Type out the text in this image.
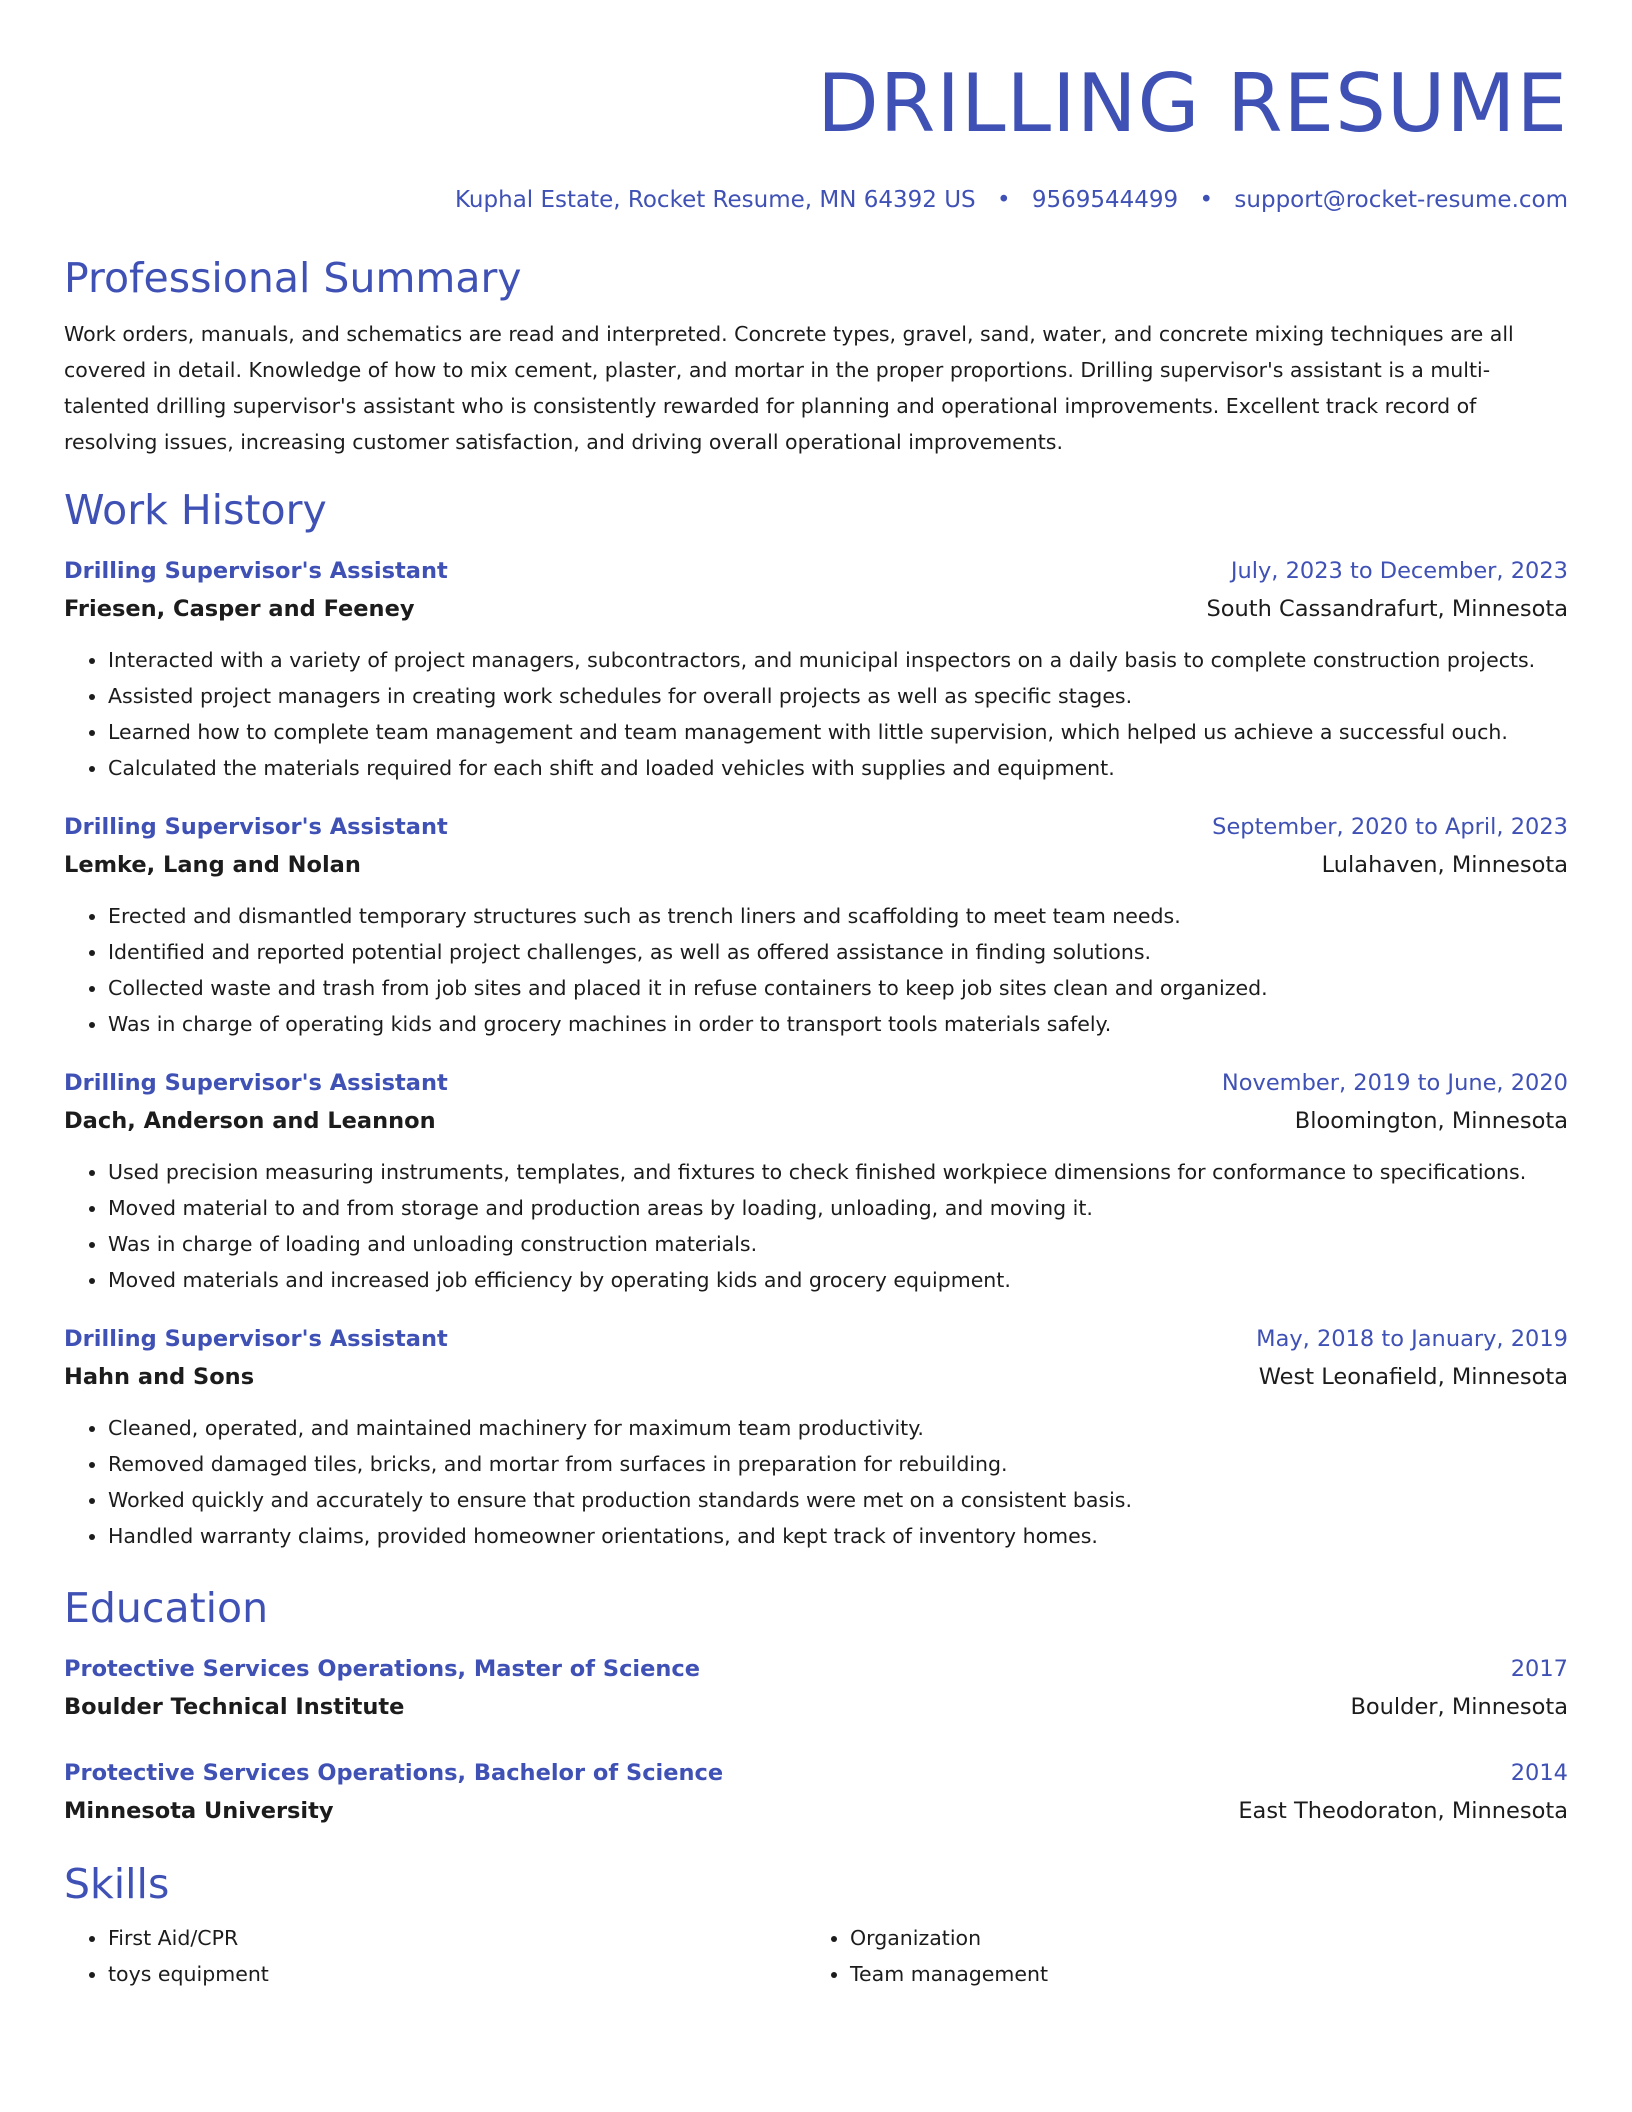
DRILLING RESUME
Kuphal Estate, Rocket Resume, MN 64392 US • 9569544499 • support@rocket-resume.com
Professional Summary
Work orders, manuals, and schematics are read and interpreted. Concrete types, gravel, sand, water, and concrete mixing techniques are all covered in detail. Knowledge of how to mix cement, plaster, and mortar in the proper proportions. Drilling supervisor's assistant is a multi-talented drilling supervisor's assistant who is consistently rewarded for planning and operational improvements. Excellent track record of resolving issues, increasing customer satisfaction, and driving overall operational improvements.
Work History
Drilling Supervisor's Assistant	July, 2023 to December, 2023
Friesen, Casper and Feeney	South Cassandrafurt, Minnesota
• Interacted with a variety of project managers, subcontractors, and municipal inspectors on a daily basis to complete construction projects.
• Assisted project managers in creating work schedules for overall projects as well as specific stages.
• Learned how to complete team management and team management with little supervision, which helped us achieve a successful ouch.
• Calculated the materials required for each shift and loaded vehicles with supplies and equipment.
Drilling Supervisor's Assistant	September, 2020 to April, 2023
Lemke, Lang and Nolan	Lulahaven, Minnesota
• Erected and dismantled temporary structures such as trench liners and scaffolding to meet team needs.
• Identified and reported potential project challenges, as well as offered assistance in finding solutions.
• Collected waste and trash from job sites and placed it in refuse containers to keep job sites clean and organized.
• Was in charge of operating kids and grocery machines in order to transport tools materials safely.
Drilling Supervisor's Assistant	November, 2019 to June, 2020
Dach, Anderson and Leannon	Bloomington, Minnesota
• Used precision measuring instruments, templates, and fixtures to check finished workpiece dimensions for conformance to specifications.
• Moved material to and from storage and production areas by loading, unloading, and moving it.
• Was in charge of loading and unloading construction materials.
• Moved materials and increased job efficiency by operating kids and grocery equipment.
Drilling Supervisor's Assistant	May, 2018 to January, 2019
Hahn and Sons	West Leonafield, Minnesota
• Cleaned, operated, and maintained machinery for maximum team productivity.
• Removed damaged tiles, bricks, and mortar from surfaces in preparation for rebuilding.
• Worked quickly and accurately to ensure that production standards were met on a consistent basis.
• Handled warranty claims, provided homeowner orientations, and kept track of inventory homes.
Education
Protective Services Operations, Master of Science	2017
Boulder Technical Institute	Boulder, Minnesota
Protective Services Operations, Bachelor of Science	2014
Minnesota University	East Theodoraton, Minnesota
Skills
• First Aid/CPR
• toys equipment
• Organization
• Team management
